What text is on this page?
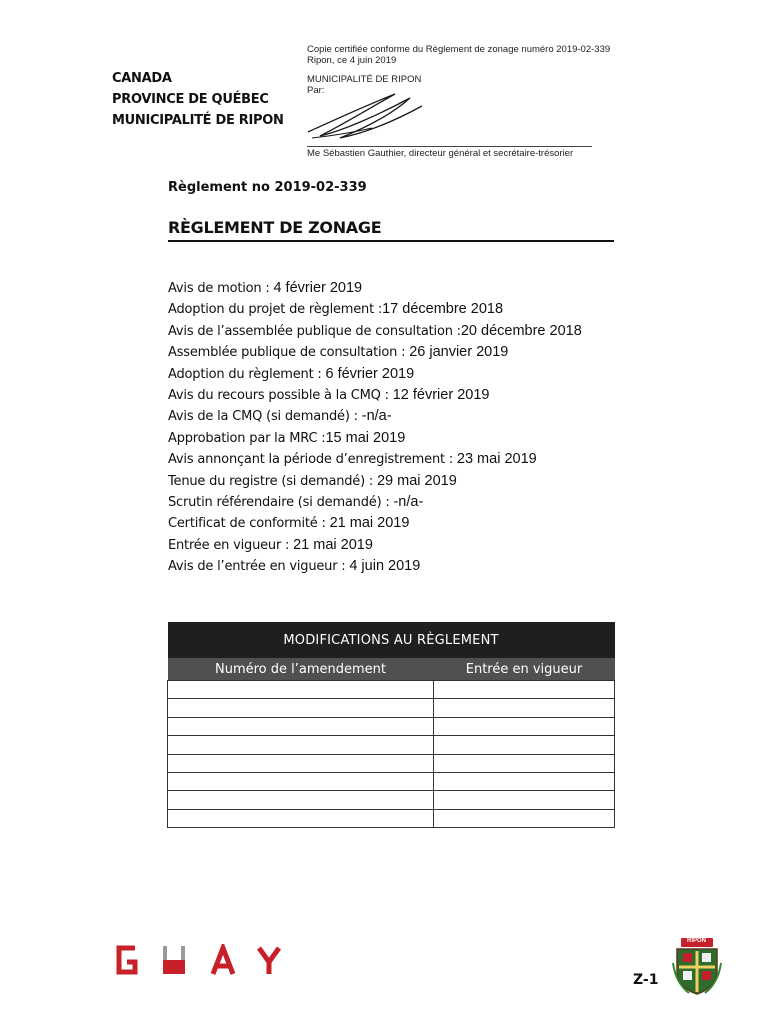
Copie certifiée conforme du Règlement de zonage numéro 2019-02-339
Ripon, ce 4 juin 2019
MUNICIPALITÉ DE RIPON
Par:
Me Sébastien Gauthier, directeur général et secrétaire-trésorier
CANADA
PROVINCE DE QUÉBEC
MUNICIPALITÉ DE RIPON
Règlement no 2019-02-339
RÈGLEMENT DE ZONAGE
Avis de motion : 4 février 2019
Adoption du projet de règlement :17 décembre 2018
Avis de l’assemblée publique de consultation :20 décembre 2018
Assemblée publique de consultation : 26 janvier 2019
Adoption du règlement : 6 février 2019
Avis du recours possible à la CMQ : 12 février 2019
Avis de la CMQ (si demandé) : -n/a-
Approbation par la MRC :15 mai 2019
Avis annonçant la période d’enregistrement : 23 mai 2019
Tenue du registre (si demandé) : 29 mai 2019
Scrutin référendaire (si demandé) : -n/a-
Certificat de conformité : 21 mai 2019
Entrée en vigueur : 21 mai 2019
Avis de l’entrée en vigueur : 4 juin 2019
MODIFICATIONS AU RÈGLEMENT	
Numéro de l’amendement	Entrée en vigueur

Z-1
RIPON
